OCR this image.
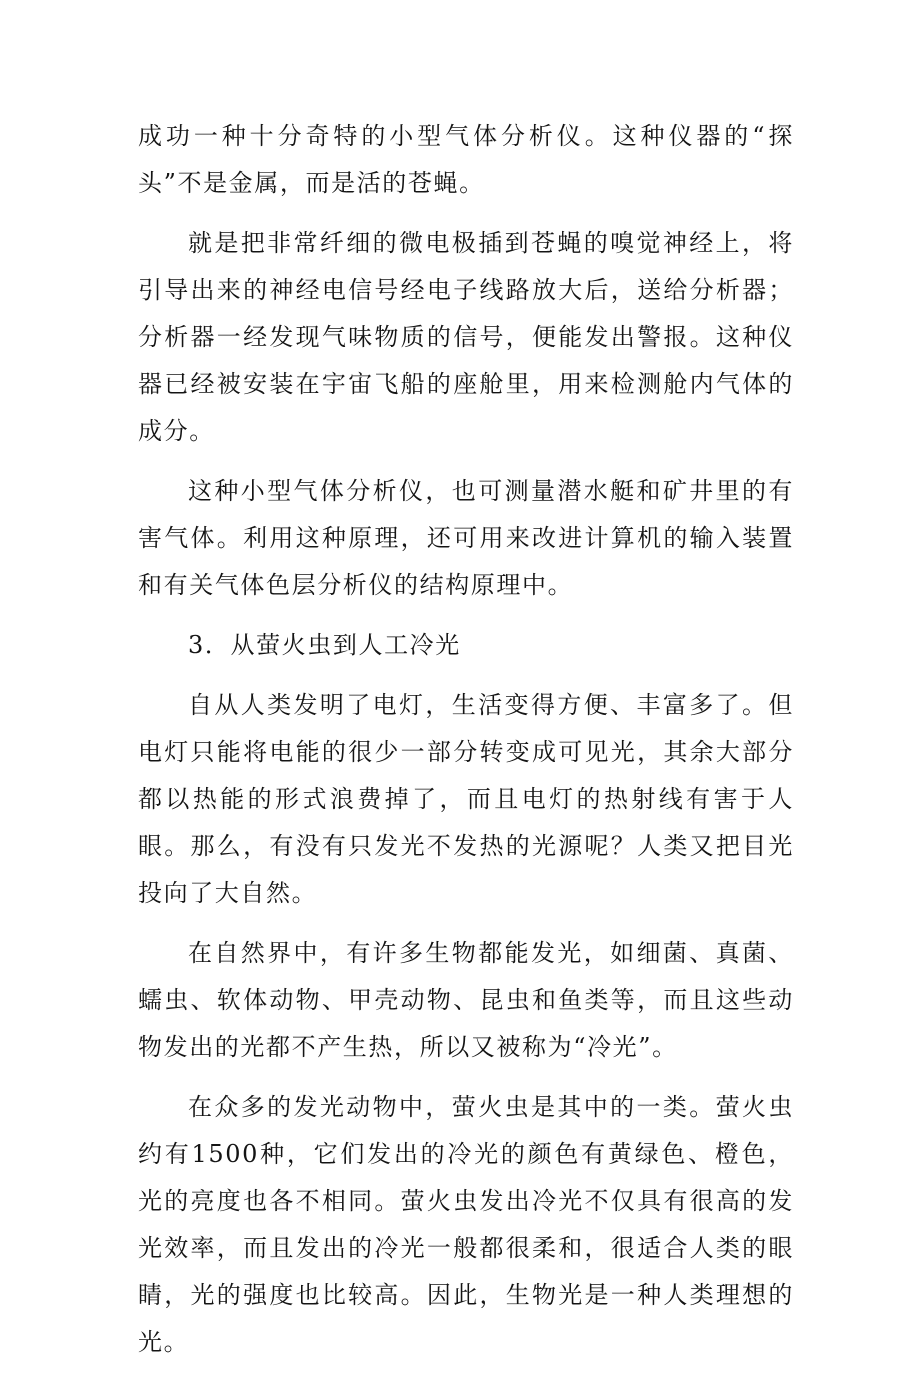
成功一种十分奇特的小型气体分析仪。这种仪器的“探头”不是金属，而是活的苍蝇。

就是把非常纤细的微电极插到苍蝇的嗅觉神经上，将引导出来的神经电信号经电子线路放大后，送给分析器；分析器一经发现气味物质的信号，便能发出警报。这种仪器已经被安装在宇宙飞船的座舱里，用来检测舱内气体的成分。

这种小型气体分析仪，也可测量潜水艇和矿井里的有害气体。利用这种原理，还可用来改进计算机的输入装置和有关气体色层分析仪的结构原理中。

3．从萤火虫到人工冷光

自从人类发明了电灯，生活变得方便、丰富多了。但电灯只能将电能的很少一部分转变成可见光，其余大部分都以热能的形式浪费掉了，而且电灯的热射线有害于人眼。那么，有没有只发光不发热的光源呢？人类又把目光投向了大自然。

在自然界中，有许多生物都能发光，如细菌、真菌、蠕虫、软体动物、甲壳动物、昆虫和鱼类等，而且这些动物发出的光都不产生热，所以又被称为“冷光”。

在众多的发光动物中，萤火虫是其中的一类。萤火虫约有1500种，它们发出的冷光的颜色有黄绿色、橙色，光的亮度也各不相同。萤火虫发出冷光不仅具有很高的发光效率，而且发出的冷光一般都很柔和，很适合人类的眼睛，光的强度也比较高。因此，生物光是一种人类理想的光。
